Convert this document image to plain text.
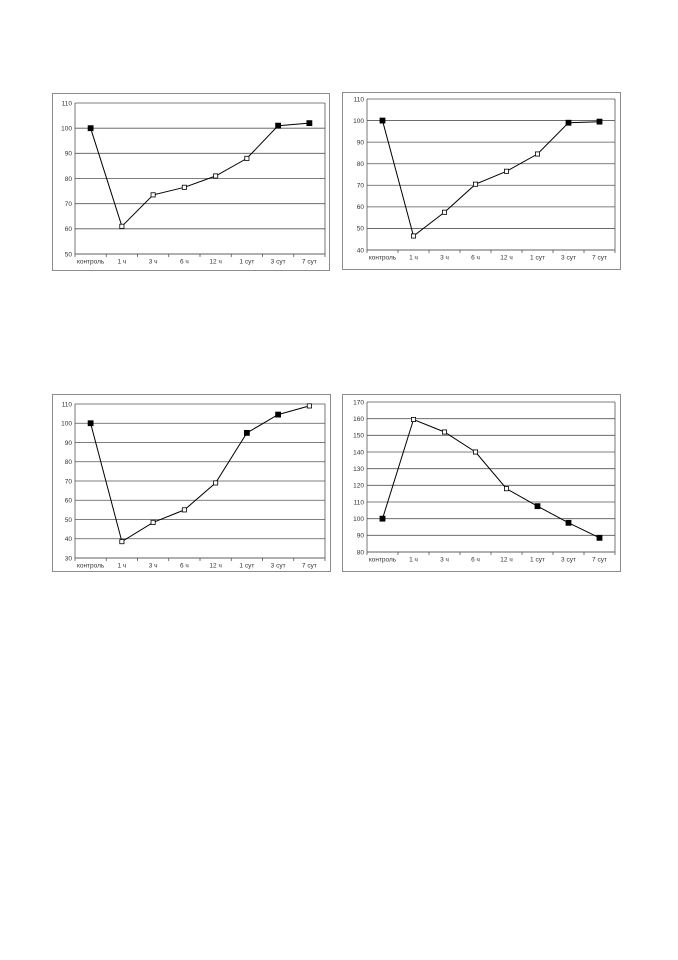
50
60
70
80
90
100
110
контроль 1 ч	3 ч	6 ч	12 ч	1 сут	3 сут	7 сут
40
50
60
70
80
90
100
110
контроль 1 ч	3 ч	6 ч	12 ч	1 сут 3 сут 7 сут
30
40
50
60
70
80
90
100
110
контроль 1 ч	3 ч	6 ч	12 ч	1 сут	3 сут	7 сут
80
90
100
110
120
130
140
150
160
170
контроль 1 ч	3 ч	6 ч	12 ч	1 сут 3 сут 7 сут
